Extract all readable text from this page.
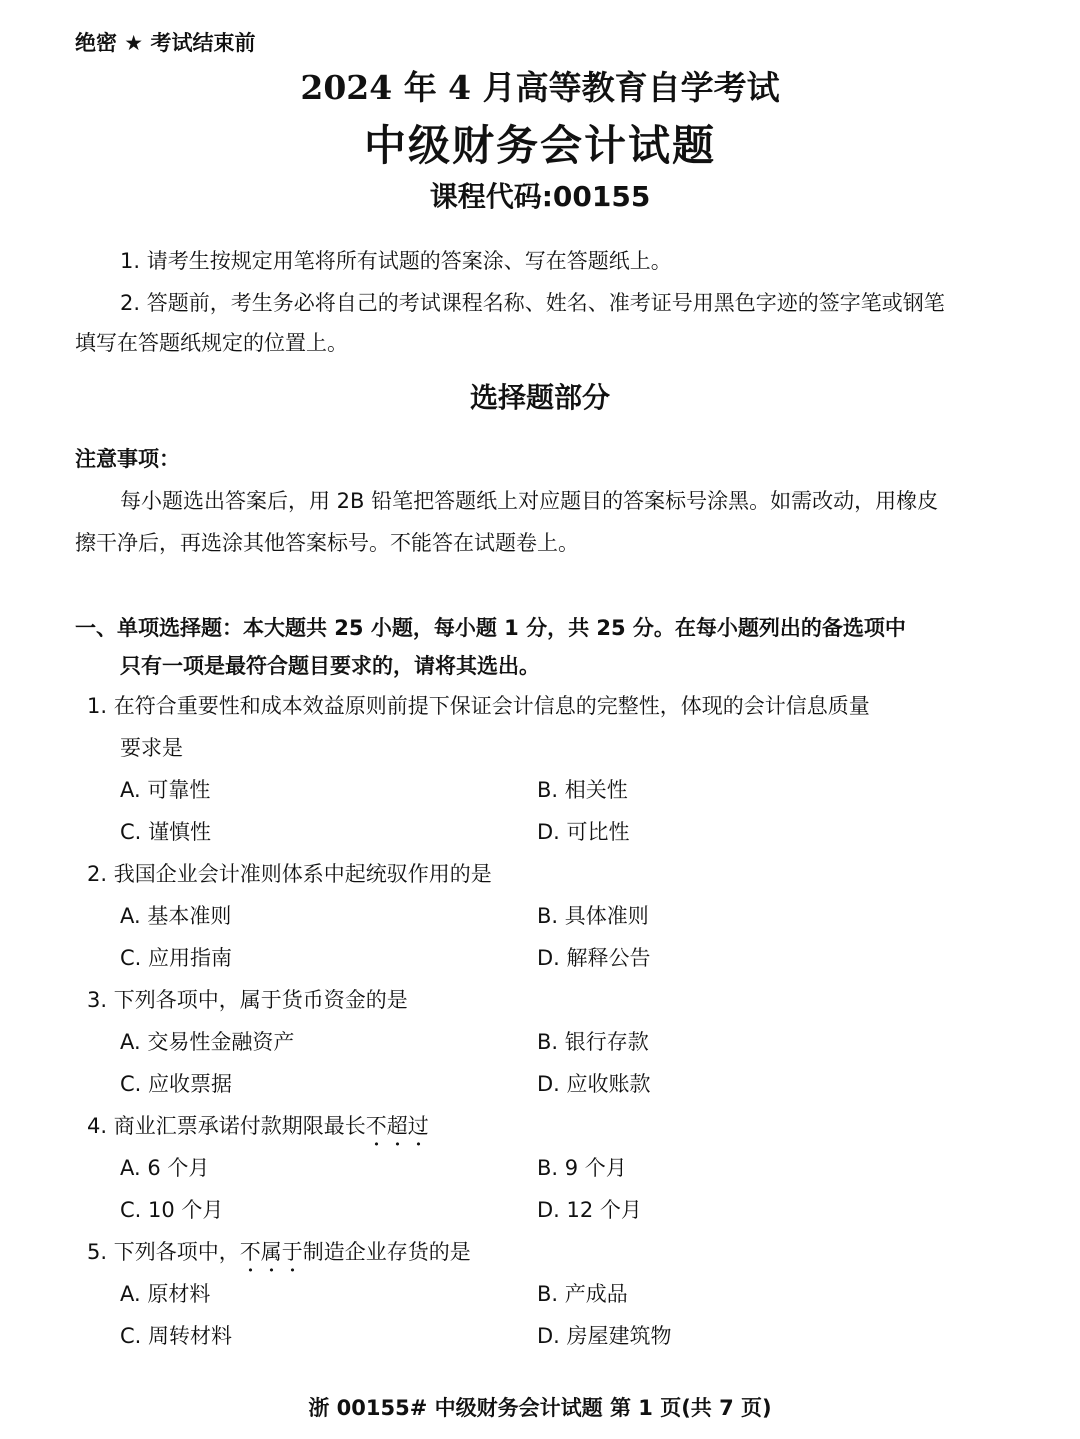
绝密 ★ 考试结束前
2024 年 4 月高等教育自学考试
中级财务会计试题
课程代码:00155
1. 请考生按规定用笔将所有试题的答案涂、写在答题纸上。
2. 答题前，考生务必将自己的考试课程名称、姓名、准考证号用黑色字迹的签字笔或钢笔
填写在答题纸规定的位置上。
选择题部分
注意事项：
每小题选出答案后，用 2B 铅笔把答题纸上对应题目的答案标号涂黑。如需改动，用橡皮
擦干净后，再选涂其他答案标号。不能答在试题卷上。
一、单项选择题：本大题共 25 小题，每小题 1 分，共 25 分。在每小题列出的备选项中
只有一项是最符合题目要求的，请将其选出。
1. 在符合重要性和成本效益原则前提下保证会计信息的完整性，体现的会计信息质量
要求是
A. 可靠性	B. 相关性
C. 谨慎性	D. 可比性
2. 我国企业会计准则体系中起统驭作用的是
A. 基本准则	B. 具体准则
C. 应用指南	D. 解释公告
3. 下列各项中，属于货币资金的是
A. 交易性金融资产	B. 银行存款
C. 应收票据	D. 应收账款
4. 商业汇票承诺付款期限最长不超过
A. 6 个月	B. 9 个月
C. 10 个月	D. 12 个月
5. 下列各项中，不属于制造企业存货的是
A. 原材料	B. 产成品
C. 周转材料	D. 房屋建筑物
浙 00155# 中级财务会计试题 第 1 页(共 7 页)
